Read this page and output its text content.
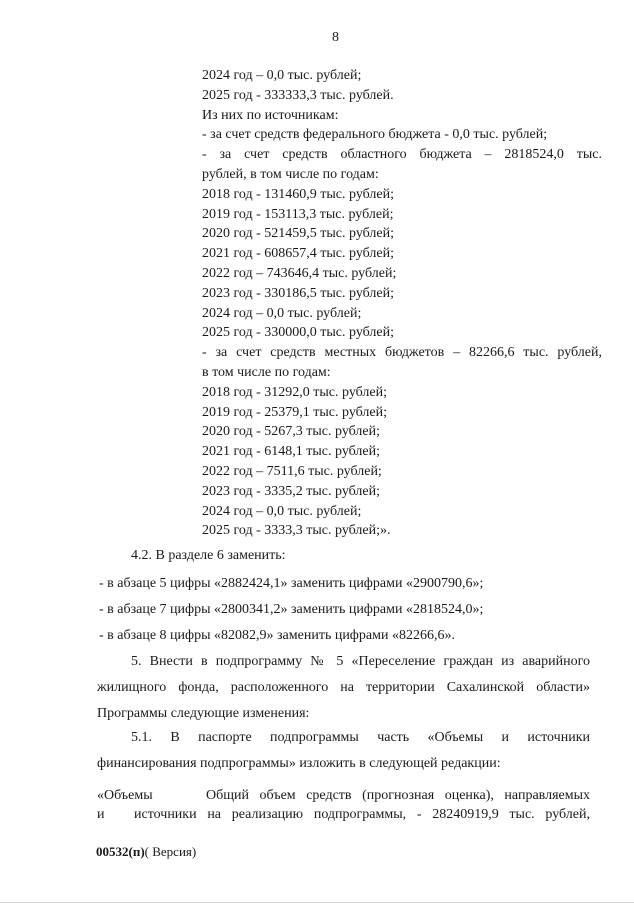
8
2024 год – 0,0 тыс. рублей;
2025 год - 333333,3 тыс. рублей.
Из них по источникам:
- за счет средств федерального бюджета - 0,0 тыс. рублей;
- за счет средств областного бюджета – 2818524,0 тыс.
рублей, в том числе по годам:
2018 год - 131460,9 тыс. рублей;
2019 год - 153113,3 тыс. рублей;
2020 год - 521459,5 тыс. рублей;
2021 год - 608657,4 тыс. рублей;
2022 год – 743646,4 тыс. рублей;
2023 год - 330186,5 тыс. рублей;
2024 год – 0,0 тыс. рублей;
2025 год - 330000,0 тыс. рублей;
- за счет средств местных бюджетов – 82266,6 тыс. рублей,
в том числе по годам:
2018 год - 31292,0 тыс. рублей;
2019 год - 25379,1 тыс. рублей;
2020 год - 5267,3 тыс. рублей;
2021 год - 6148,1 тыс. рублей;
2022 год – 7511,6 тыс. рублей;
2023 год - 3335,2 тыс. рублей;
2024 год – 0,0 тыс. рублей;
2025 год - 3333,3 тыс. рублей;».
4.2. В разделе 6 заменить:
- в абзаце 5 цифры «2882424,1» заменить цифрами «2900790,6»;
- в абзаце 7 цифры «2800341,2» заменить цифрами «2818524,0»;
- в абзаце 8 цифры «82082,9» заменить цифрами «82266,6».
5. Внести в подпрограмму № 5 «Переселение граждан из аварийного
жилищного фонда, расположенного на территории Сахалинской области»
Программы следующие изменения:
5.1. В паспорте подпрограммы часть «Объемы и источники
финансирования подпрограммы» изложить в следующей редакции:
«Объемы
и
Общий объем средств (прогнозная оценка), направляемых
источники на реализацию подпрограммы, - 28240919,9 тыс. рублей,
00532(п)( Версия)
